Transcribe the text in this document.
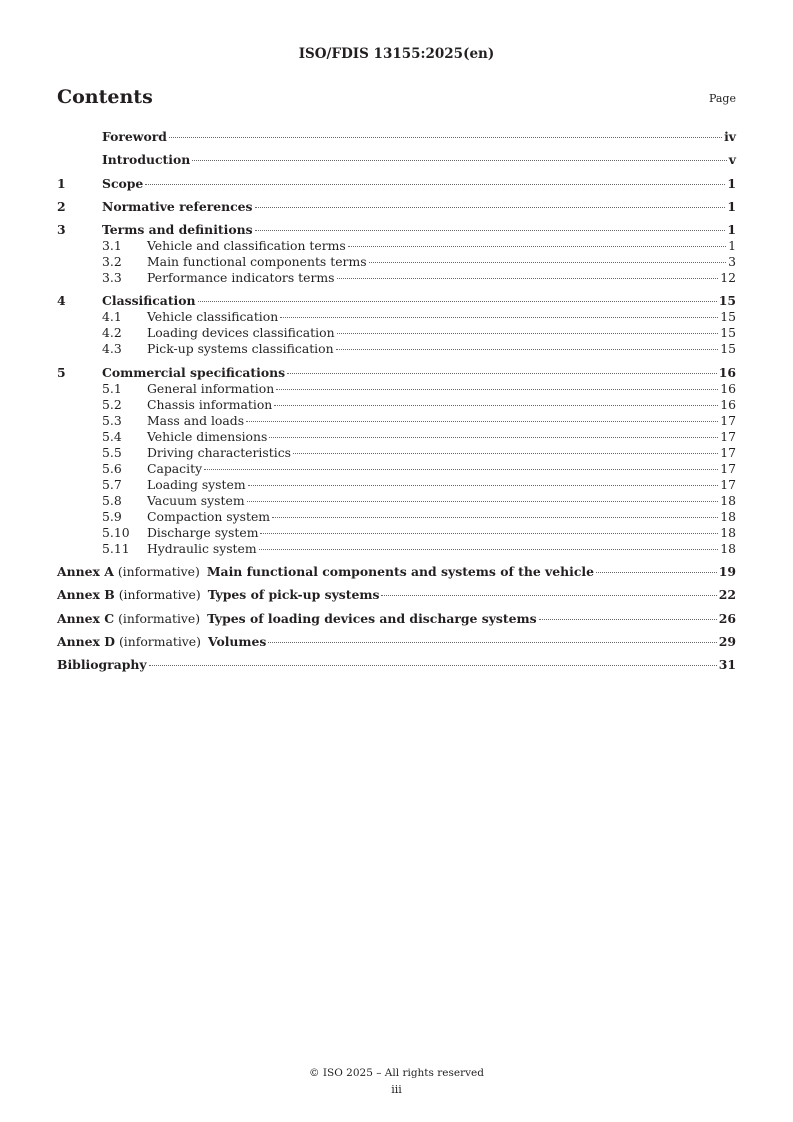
ISO/FDIS 13155:2025(en)
Contents	Page
Foreword	iv
Introduction	v
1	Scope	1
2	Normative references	1
3	Terms and definitions	1
3.1	Vehicle and classification terms	1
3.2	Main functional components terms	3
3.3	Performance indicators terms	12
4	Classification	15
4.1	Vehicle classification	15
4.2	Loading devices classification	15
4.3	Pick-up systems classification	15
5	Commercial specifications	16
5.1	General information	16
5.2	Chassis information	16
5.3	Mass and loads	17
5.4	Vehicle dimensions	17
5.5	Driving characteristics	17
5.6	Capacity	17
5.7	Loading system	17
5.8	Vacuum system	18
5.9	Compaction system	18
5.10	Discharge system	18
5.11	Hydraulic system	18
Annex A (informative) Main functional components and systems of the vehicle	19
Annex B (informative) Types of pick-up systems	22
Annex C (informative) Types of loading devices and discharge systems	26
Annex D (informative) Volumes	29
Bibliography	31
© ISO 2025 – All rights reserved
iii
